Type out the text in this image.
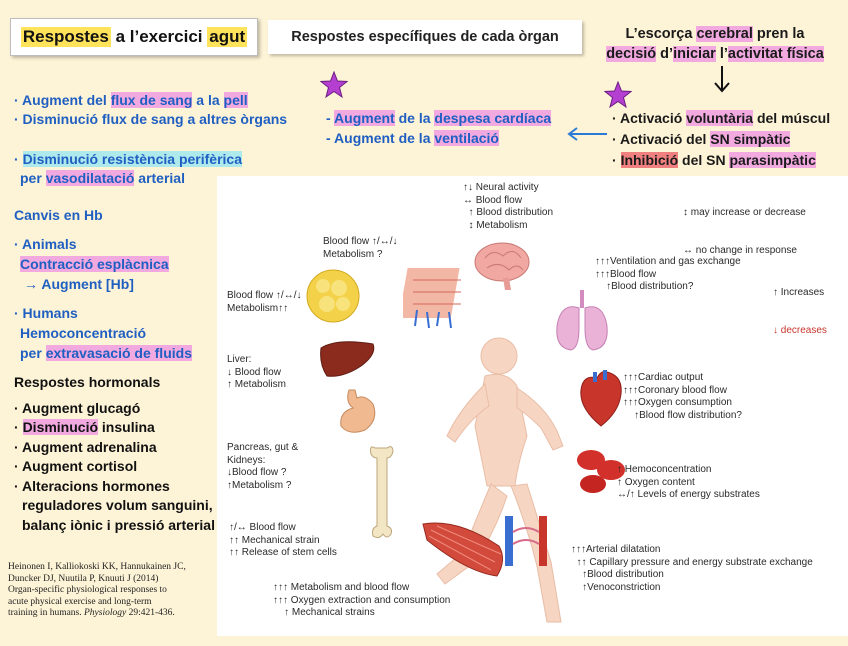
Respostes a l’exercici agut	Respostes específiques de cada òrgan	L’escorça cerebral pren la
decisió d’iniciar l’activitat física
· Activació voluntària del múscul
· Activació del SN simpàtic
· Inhibició del SN parasimpàtic
- Augment de la despesa cardíaca
- Augment de la ventilació
· Augment del flux de sang a la pell
· Disminució flux de sang a altres òrgans
· Disminució resistència perifèrica
per vasodilatació arterial
Canvis en Hb
· Animals
Contracció esplàcnica
→ Augment [Hb]
· Humans
Hemoconcentració
per extravasació de fluids
Respostes hormonals
· Augment glucagó
· Disminució insulina
· Augment adrenalina
· Augment cortisol
· Alteracions hormones
reguladores volum sanguini,
balanç iònic i pressió arterial
Heinonen I, Kalliokoski KK, Hannukainen JC,
Duncker DJ, Nuutila P, Knuuti J (2014)
Organ-specific physiological responses to
acute physical exercise and long-term
training in humans. Physiology 29:421-436.
↑↓ Neural activity
↔ Blood flow
↑ Blood distribution
↕ Metabolism
Blood flow ↑/↔/↓
Metabolism ?
Blood flow ↑/↔/↓
Metabolism↑↑
↑↑↑Ventilation and gas exchange
↑↑↑Blood flow
↑Blood distribution?
Liver:
↓ Blood flow
↑ Metabolism
↑↑↑Cardiac output
↑↑↑Coronary blood flow
↑↑↑Oxygen consumption
↑Blood flow distribution?
Pancreas, gut &
Kidneys:
↓Blood flow ?
↑Metabolism ?
↑ Hemoconcentration
↑ Oxygen content
↔/↑ Levels of energy substrates
↑/↔ Blood flow
↑↑ Mechanical strain
↑↑ Release of stem cells	↑↑↑Arterial dilatation
↑↑ Capillary pressure and energy substrate exchange
↑Blood distribution
↑Venoconstriction
↑↑↑ Metabolism and blood flow
↑↑↑ Oxygen extraction and consumption
↑ Mechanical strains

↕ may increase or decrease

↔ no change in response

↑ Increases

↓ decreases
